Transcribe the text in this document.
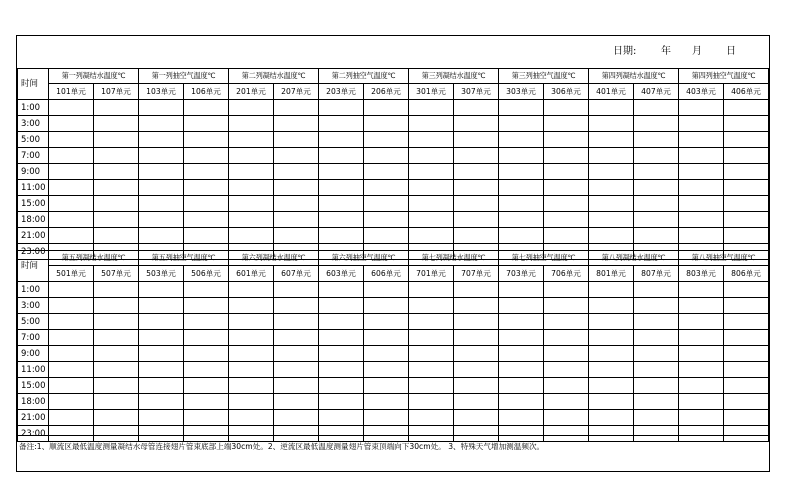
日期: 年 月 日
时间	第一列凝结水温度℃		第一列抽空气温度℃		第二列凝结水温度℃		第二列抽空气温度℃		第三列凝结水温度℃		第三列抽空气温度℃		第四列凝结水温度℃		第四列抽空气温度℃	
	101单元	107单元	103单元	106单元	201单元	207单元	203单元	206单元	301单元	307单元	303单元	306单元	401单元	407单元	403单元	406单元
1:00																
3:00																
5:00																
7:00																
9:00																
11:00																
15:00																
18:00																
21:00																
23:00																
时间	第五列凝结水温度℃		第五列抽空气温度℃		第六列凝结水温度℃		第六列抽空气温度℃		第七列凝结水温度℃		第七列抽空气温度℃		第八列凝结水温度℃		第八列抽空气温度℃	
	501单元	507单元	503单元	506单元	601单元	607单元	603单元	606单元	701单元	707单元	703单元	706单元	801单元	807单元	803单元	806单元
1:00																
3:00																
5:00																
7:00																
9:00																
11:00																
15:00																
18:00																
21:00																
23:00																
备注:1、顺流区最低温度测量凝结水母管连接翅片管束底部上端30cm处。2、逆流区最低温度测量翅片管束顶端向下30cm处。 3、特殊天气增加测温频次。
